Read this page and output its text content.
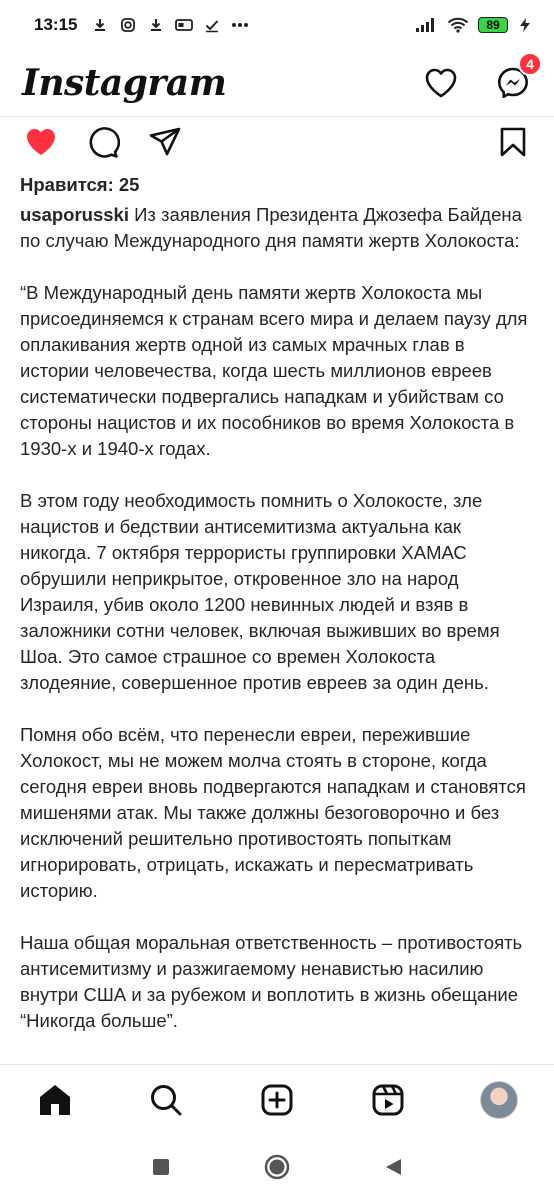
13:15	89
Instagram	4
Нравится: 25

usaporusski Из заявления Президента Джозефа Байдена по случаю Международного дня памяти жертв Холокоста:

“В Международный день памяти жертв Холокоста мы присоединяемся к странам всего мира и делаем паузу для оплакивания жертв одной из самых мрачных глав в истории человечества, когда шесть миллионов евреев систематически подвергались нападкам и убийствам со стороны нацистов и их пособников во время Холокоста в 1930-х и 1940-х годах.

В этом году необходимость помнить о Холокосте, зле нацистов и бедствии антисемитизма актуальна как никогда. 7 октября террористы группировки ХАМАС обрушили неприкрытое, откровенное зло на народ Израиля, убив около 1200 невинных людей и взяв в заложники сотни человек, включая выживших во время Шоа. Это самое страшное со времен Холокоста злодеяние, совершенное против евреев за один день.

Помня обо всём, что перенесли евреи, пережившие Холокост, мы не можем молча стоять в стороне, когда сегодня евреи вновь подвергаются нападкам и становятся мишенями атак. Мы также должны безоговорочно и без исключений решительно противостоять попыткам игнорировать, отрицать, искажать и пересматривать историю.

Наша общая моральная ответственность – противостоять антисемитизму и разжигаемому ненавистью насилию внутри США и за рубежом и воплотить в жизнь обещание “Никогда больше”.
